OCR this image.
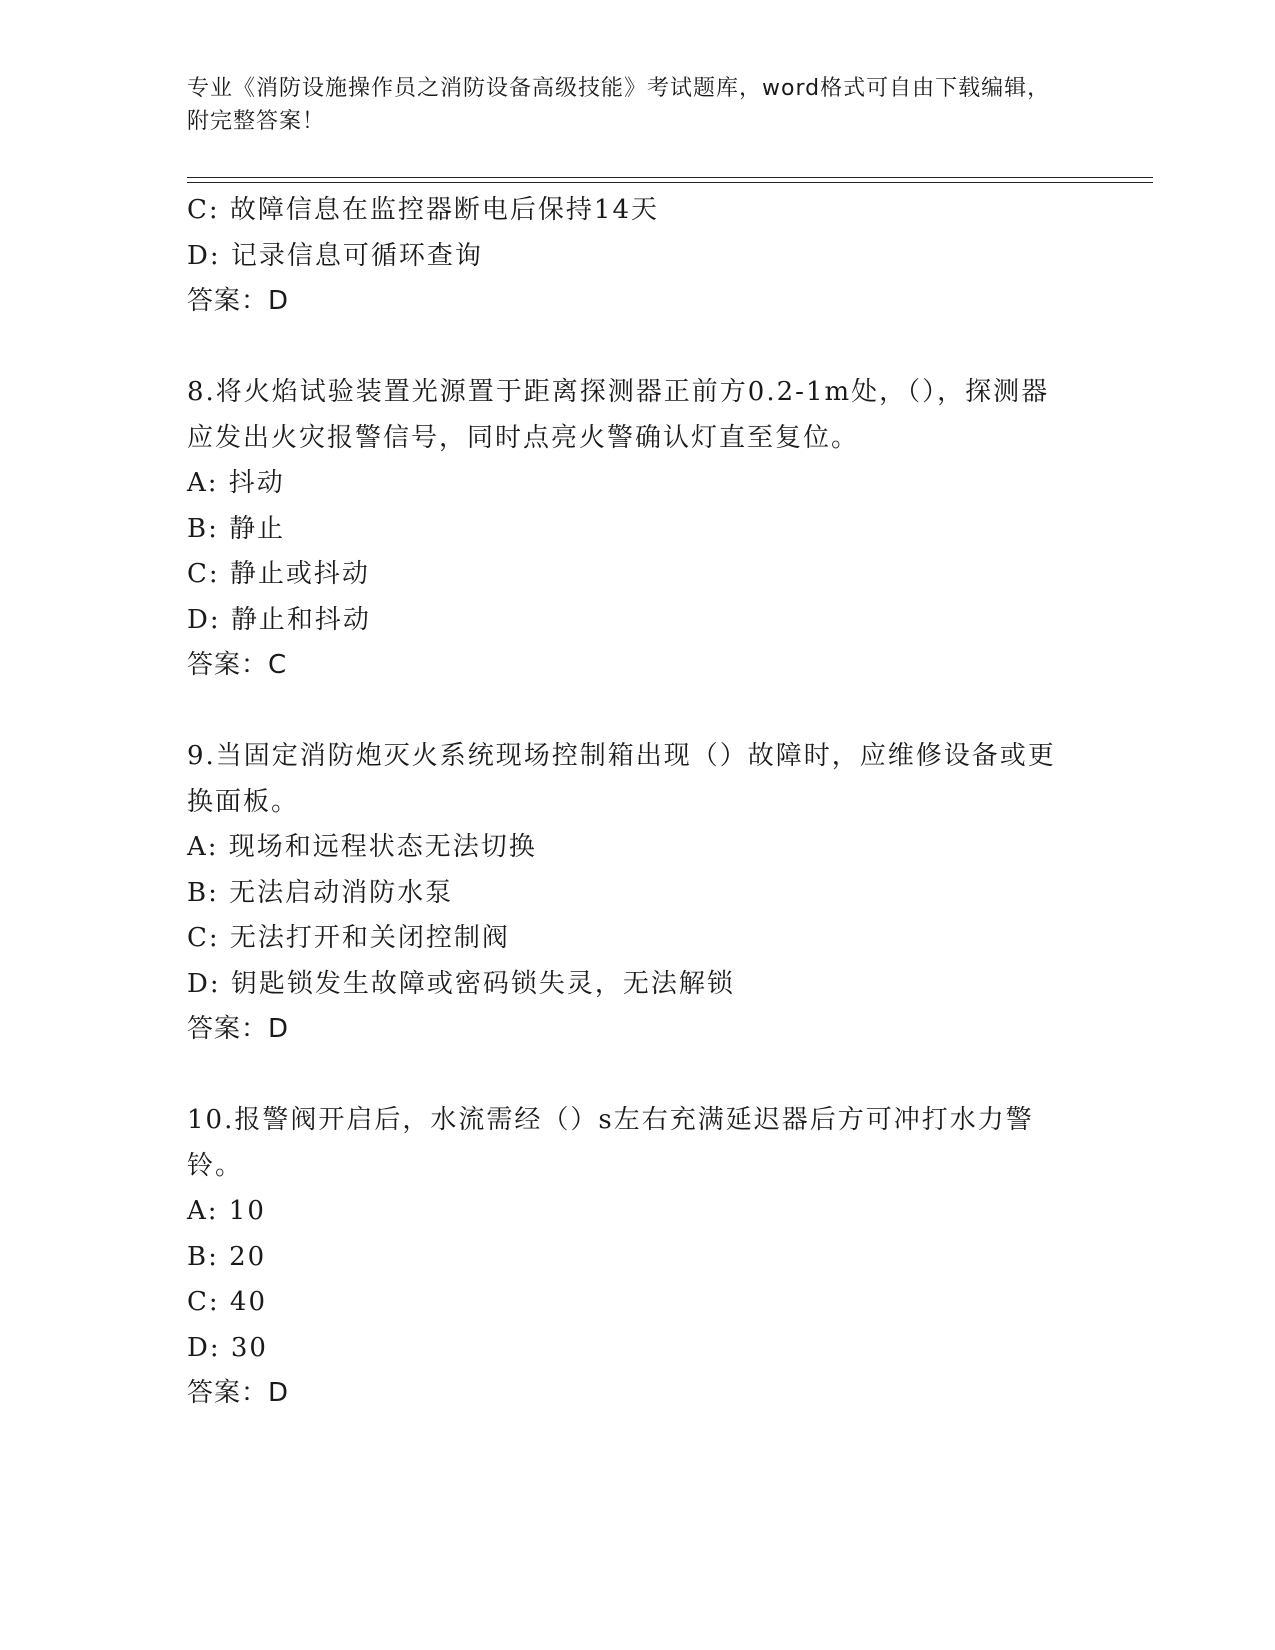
专业《消防设施操作员之消防设备高级技能》考试题库，word格式可自由下载编辑，附完整答案！
C: 故障信息在监控器断电后保持14天
D: 记录信息可循环查询
答案：D
8.将火焰试验装置光源置于距离探测器正前方0.2-1m处，（），探测器应发出火灾报警信号，同时点亮火警确认灯直至复位。
A: 抖动
B: 静止
C: 静止或抖动
D: 静止和抖动
答案：C
9.当固定消防炮灭火系统现场控制箱出现（）故障时，应维修设备或更换面板。
A: 现场和远程状态无法切换
B: 无法启动消防水泵
C: 无法打开和关闭控制阀
D: 钥匙锁发生故障或密码锁失灵，无法解锁
答案：D
10.报警阀开启后，水流需经（）s左右充满延迟器后方可冲打水力警铃。
A: 10
B: 20
C: 40
D: 30
答案：D
